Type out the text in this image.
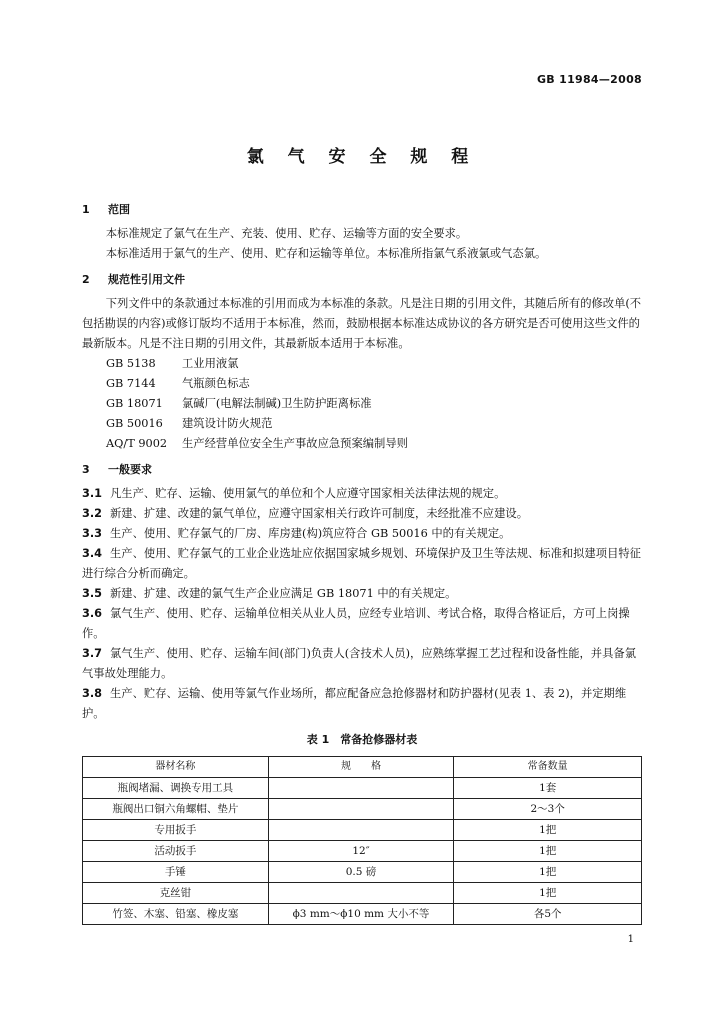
GB 11984—2008
氯 气 安 全 规 程

1 范围

本标准规定了氯气在生产、充装、使用、贮存、运输等方面的安全要求。

本标准适用于氯气的生产、使用、贮存和运输等单位。本标准所指氯气系液氯或气态氯。

2 规范性引用文件

下列文件中的条款通过本标准的引用而成为本标准的条款。凡是注日期的引用文件，其随后所有的修改单(不包括勘误的内容)或修订版均不适用于本标准，然而，鼓励根据本标准达成协议的各方研究是否可使用这些文件的最新版本。凡是不注日期的引用文件，其最新版本适用于本标准。

GB 5138 工业用液氯

GB 7144 气瓶颜色标志

GB 18071 氯碱厂(电解法制碱)卫生防护距离标准

GB 50016 建筑设计防火规范

AQ/T 9002 生产经营单位安全生产事故应急预案编制导则

3 一般要求

3.1 凡生产、贮存、运输、使用氯气的单位和个人应遵守国家相关法律法规的规定。

3.2 新建、扩建、改建的氯气单位，应遵守国家相关行政许可制度，未经批准不应建设。

3.3 生产、使用、贮存氯气的厂房、库房建(构)筑应符合 GB 50016 中的有关规定。

3.4 生产、使用、贮存氯气的工业企业选址应依据国家城乡规划、环境保护及卫生等法规、标准和拟建项目特征进行综合分析而确定。

3.5 新建、扩建、改建的氯气生产企业应满足 GB 18071 中的有关规定。

3.6 氯气生产、使用、贮存、运输单位相关从业人员，应经专业培训、考试合格，取得合格证后，方可上岗操作。

3.7 氯气生产、使用、贮存、运输车间(部门)负责人(含技术人员)，应熟练掌握工艺过程和设备性能，并具备氯气事故处理能力。

3.8 生产、贮存、运输、使用等氯气作业场所，都应配备应急抢修器材和防护器材(见表 1、表 2)，并定期维护。

表 1　常备抢修器材表
器材名称	规　　格	常备数量
瓶阀堵漏、调换专用工具		1套
瓶阀出口铜六角螺帽、垫片		2～3个
专用扳手		1把
活动扳手	12″	1把
手锤	0.5 磅	1把
克丝钳		1把
竹签、木塞、铅塞、橡皮塞	ϕ3 mm～ϕ10 mm 大小不等	各5个
1
